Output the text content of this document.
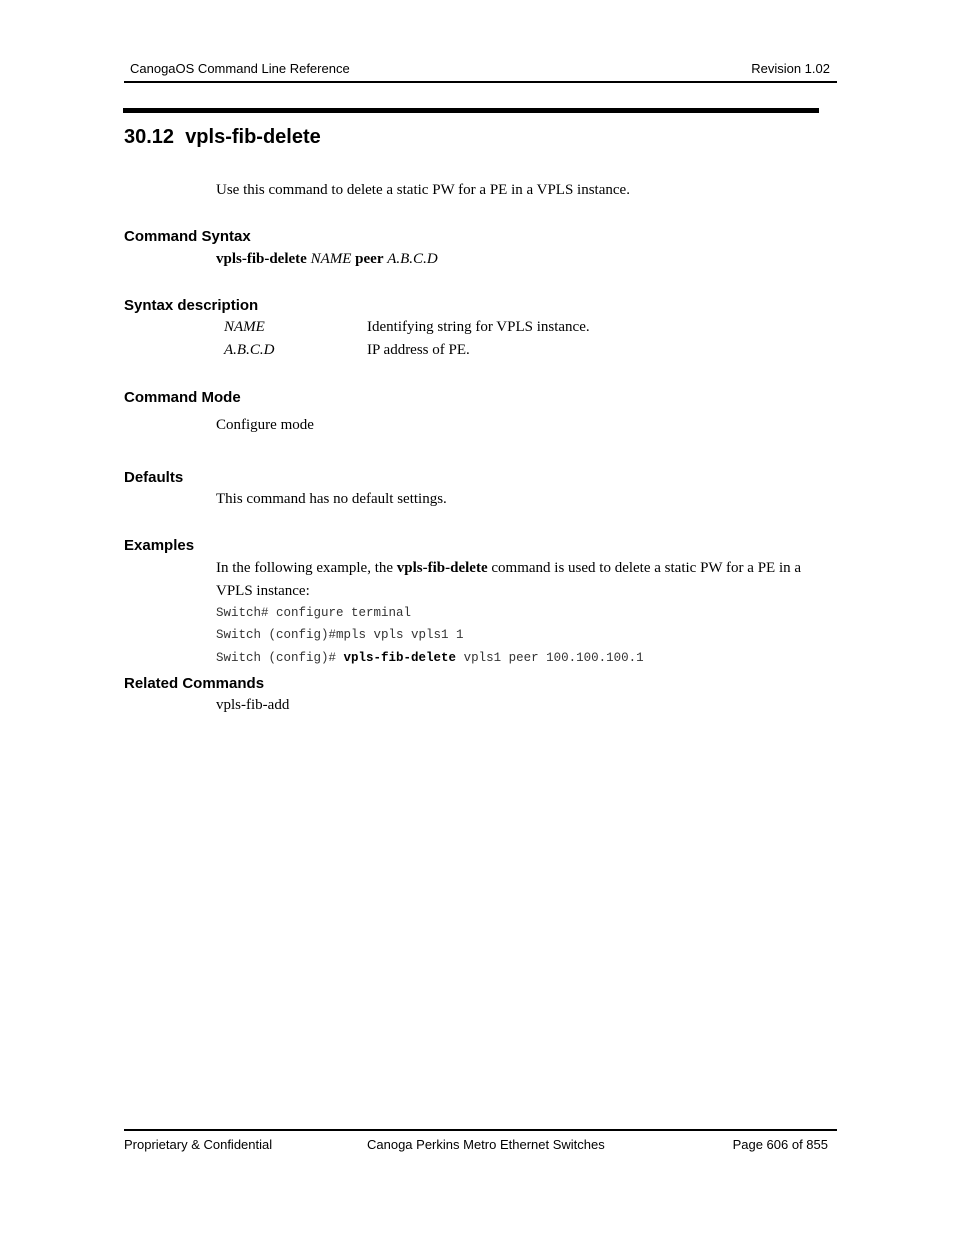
CanogaOS Command Line Reference	Revision 1.02
30.12 vpls-fib-delete
Use this command to delete a static PW for a PE in a VPLS instance.
Command Syntax
vpls-fib-delete NAME peer A.B.C.D
Syntax description
NAME	Identifying string for VPLS instance.
A.B.C.D	IP address of PE.
Command Mode
Configure mode
Defaults
This command has no default settings.
Examples
In the following example, the vpls-fib-delete command is used to delete a static PW for a PE in a
VPLS instance:
Switch# configure terminal
Switch (config)#mpls vpls vpls1 1
Switch (config)# vpls-fib-delete vpls1 peer 100.100.100.1
Related Commands
vpls-fib-add
Proprietary & Confidential	Canoga Perkins Metro Ethernet Switches	Page 606 of 855
